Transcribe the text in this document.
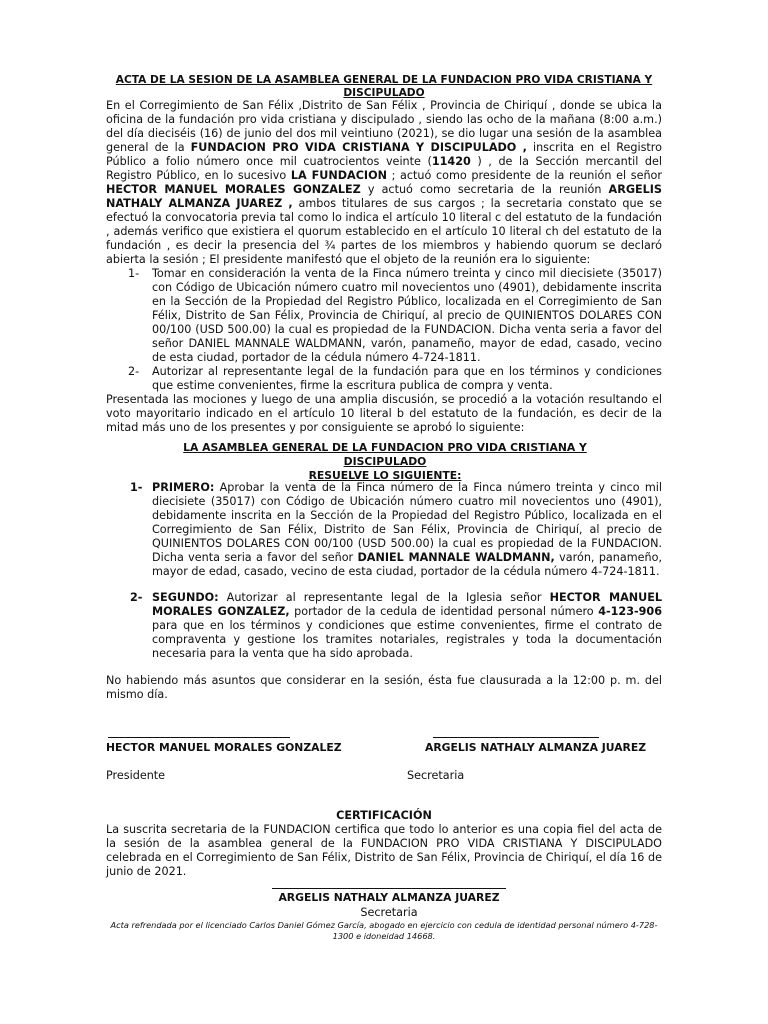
ACTA DE LA SESION DE LA ASAMBLEA GENERAL DE LA FUNDACION PRO VIDA CRISTIANA Y DISCIPULADO

En el Corregimiento de San Félix ,Distrito de San Félix , Provincia de Chiriquí , donde se ubica la oficina de la fundación pro vida cristiana y discipulado , siendo las ocho de la mañana (8:00 a.m.) del día dieciséis (16) de junio del dos mil veintiuno (2021), se dio lugar una sesión de la asamblea general de la FUNDACION PRO VIDA CRISTIANA Y DISCIPULADO , inscrita en el Registro Público a folio número once mil cuatrocientos veinte (11420 ) , de la Sección mercantil del Registro Público, en lo sucesivo LA FUNDACION ; actuó como presidente de la reunión el señor HECTOR MANUEL MORALES GONZALEZ y actuó como secretaria de la reunión ARGELIS NATHALY ALMANZA JUAREZ , ambos titulares de sus cargos ; la secretaria constato que se efectuó la convocatoria previa tal como lo indica el artículo 10 literal c del estatuto de la fundación , además verifico que existiera el quorum establecido en el artículo 10 literal ch del estatuto de la fundación , es decir la presencia del ¾ partes de los miembros y habiendo quorum se declaró abierta la sesión ; El presidente manifestó que el objeto de la reunión era lo siguiente:

1-	Tomar en consideración la venta de la Finca número treinta y cinco mil diecisiete (35017) con Código de Ubicación número cuatro mil novecientos uno (4901), debidamente inscrita en la Sección de la Propiedad del Registro Público, localizada en el Corregimiento de San Félix, Distrito de San Félix, Provincia de Chiriquí, al precio de QUINIENTOS DOLARES CON 00/100 (USD 500.00) la cual es propiedad de la FUNDACION. Dicha venta seria a favor del señor DANIEL MANNALE WALDMANN, varón, panameño, mayor de edad, casado, vecino de esta ciudad, portador de la cédula número 4-724-1811.
2-	Autorizar al representante legal de la fundación para que en los términos y condiciones que estime convenientes, firme la escritura publica de compra y venta.

Presentada las mociones y luego de una amplia discusión, se procedió a la votación resultando el voto mayoritario indicado en el artículo 10 literal b del estatuto de la fundación, es decir de la mitad más uno de los presentes y por consiguiente se aprobó lo siguiente:

LA ASAMBLEA GENERAL DE LA FUNDACION PRO VIDA CRISTIANA Y DISCIPULADO
RESUELVE LO SIGUIENTE:
1- PRIMERO: Aprobar la venta de la Finca número de la Finca número treinta y cinco mil diecisiete (35017) con Código de Ubicación número cuatro mil novecientos uno (4901), debidamente inscrita en la Sección de la Propiedad del Registro Público, localizada en el Corregimiento de San Félix, Distrito de San Félix, Provincia de Chiriquí, al precio de QUINIENTOS DOLARES CON 00/100 (USD 500.00) la cual es propiedad de la FUNDACION. Dicha venta seria a favor del señor DANIEL MANNALE WALDMANN, varón, panameño, mayor de edad, casado, vecino de esta ciudad, portador de la cédula número 4-724-1811.
2- SEGUNDO: Autorizar al representante legal de la Iglesia señor HECTOR MANUEL MORALES GONZALEZ, portador de la cedula de identidad personal número 4-123-906 para que en los términos y condiciones que estime convenientes, firme el contrato de compraventa y gestione los tramites notariales, registrales y toda la documentación necesaria para la venta que ha sido aprobada.

No habiendo más asuntos que considerar en la sesión, ésta fue clausurada a la 12:00 p. m. del mismo día.

HECTOR MANUEL MORALES GONZALEZ	ARGELIS NATHALY ALMANZA JUAREZ
Presidente	Secretaria
CERTIFICACIÓN

La suscrita secretaria de la FUNDACION certifica que todo lo anterior es una copia fiel del acta de la sesión de la asamblea general de la FUNDACION PRO VIDA CRISTIANA Y DISCIPULADO celebrada en el Corregimiento de San Félix, Distrito de San Félix, Provincia de Chiriquí, el día 16 de junio de 2021.

ARGELIS NATHALY ALMANZA JUAREZ
Secretaria
Acta refrendada por el licenciado Carlos Daniel Gómez García, abogado en ejercicio con cedula de identidad personal número 4-728-1300 e idoneidad 14668.
